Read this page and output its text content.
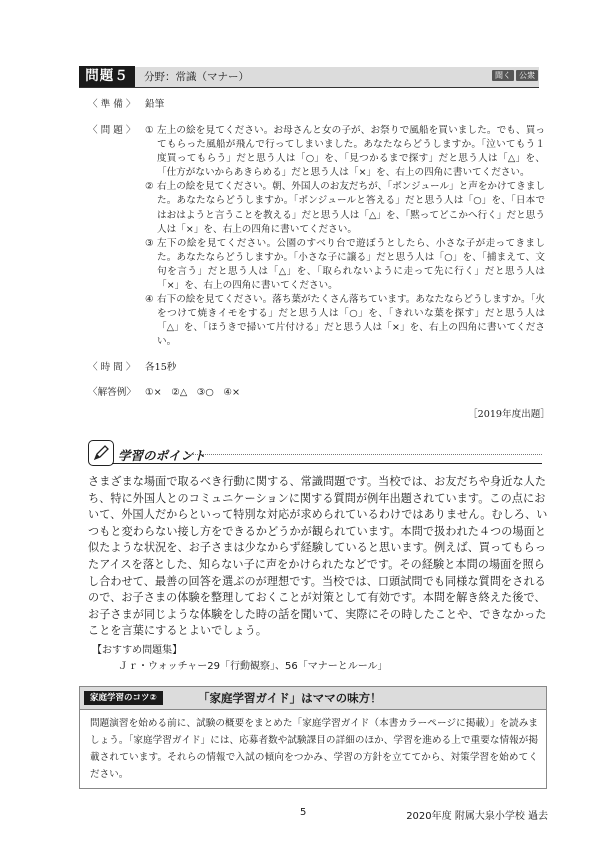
問題５	分野：常識（マナー）	聞く	公衆
〈 準 備 〉 鉛筆
〈 問 題 〉 ① 左上の絵を見てください。お母さんと女の子が、お祭りで風船を買いました。でも、買ってもらった風船が飛んで行ってしまいました。あなたならどうしますか。「泣いてもう１度買ってもらう」だと思う人は「○」を、「見つかるまで探す」だと思う人は「△」を、「仕方がないからあきらめる」だと思う人は「×」を、右上の四角に書いてください。
② 右上の絵を見てください。朝、外国人のお友だちが、「ボンジュール」と声をかけてきました。あなたならどうしますか。「ボンジュールと答える」だと思う人は「○」を、「日本ではおはようと言うことを教える」だと思う人は「△」を、「黙ってどこかへ行く」だと思う人は「×」を、右上の四角に書いてください。
③ 左下の絵を見てください。公園のすべり台で遊ぼうとしたら、小さな子が走ってきました。あなたならどうしますか。「小さな子に譲る」だと思う人は「○」を、「捕まえて、文句を言う」だと思う人は「△」を、「取られないように走って先に行く」だと思う人は「×」を、右上の四角に書いてください。
④ 右下の絵を見てください。落ち葉がたくさん落ちています。あなたならどうしますか。「火をつけて焼きイモをする」だと思う人は「○」を、「きれいな葉を探す」だと思う人は「△」を、「ほうきで掃いて片付ける」だと思う人は「×」を、右上の四角に書いてください。
〈 時 間 〉 各15秒
〈解答例〉 ①×　②△　③○　④×
［2019年度出題］
学習のポイント
さまざまな場面で取るべき行動に関する、常識問題です。当校では、お友だちや身近な人たち、特に外国人とのコミュニケーションに関する質問が例年出題されています。この点において、外国人だからといって特別な対応が求められているわけではありません。むしろ、いつもと変わらない接し方をできるかどうかが観られています。本問で扱われた４つの場面と似たような状況を、お子さまは少なからず経験していると思います。例えば、買ってもらったアイスを落とした、知らない子に声をかけられたなどです。その経験と本問の場面を照らし合わせて、最善の回答を選ぶのが理想です。当校では、口頭試問でも同様な質問をされるので、お子さまの体験を整理しておくことが対策として有効です。本問を解き終えた後で、お子さまが同じような体験をした時の話を聞いて、実際にその時したことや、できなかったことを言葉にするとよいでしょう。
【おすすめ問題集】
Ｊｒ・ウォッチャー29「行動観察」、56「マナーとルール」
家庭学習のコツ②	「家庭学習ガイド」はママの味方！
問題演習を始める前に、試験の概要をまとめた「家庭学習ガイド（本書カラーページに掲載）」を読みましょう。「家庭学習ガイド」には、応募者数や試験課目の詳細のほか、学習を進める上で重要な情報が掲載されています。それらの情報で入試の傾向をつかみ、学習の方針を立ててから、対策学習を始めてください。
5	2020年度 附属大泉小学校 過去
